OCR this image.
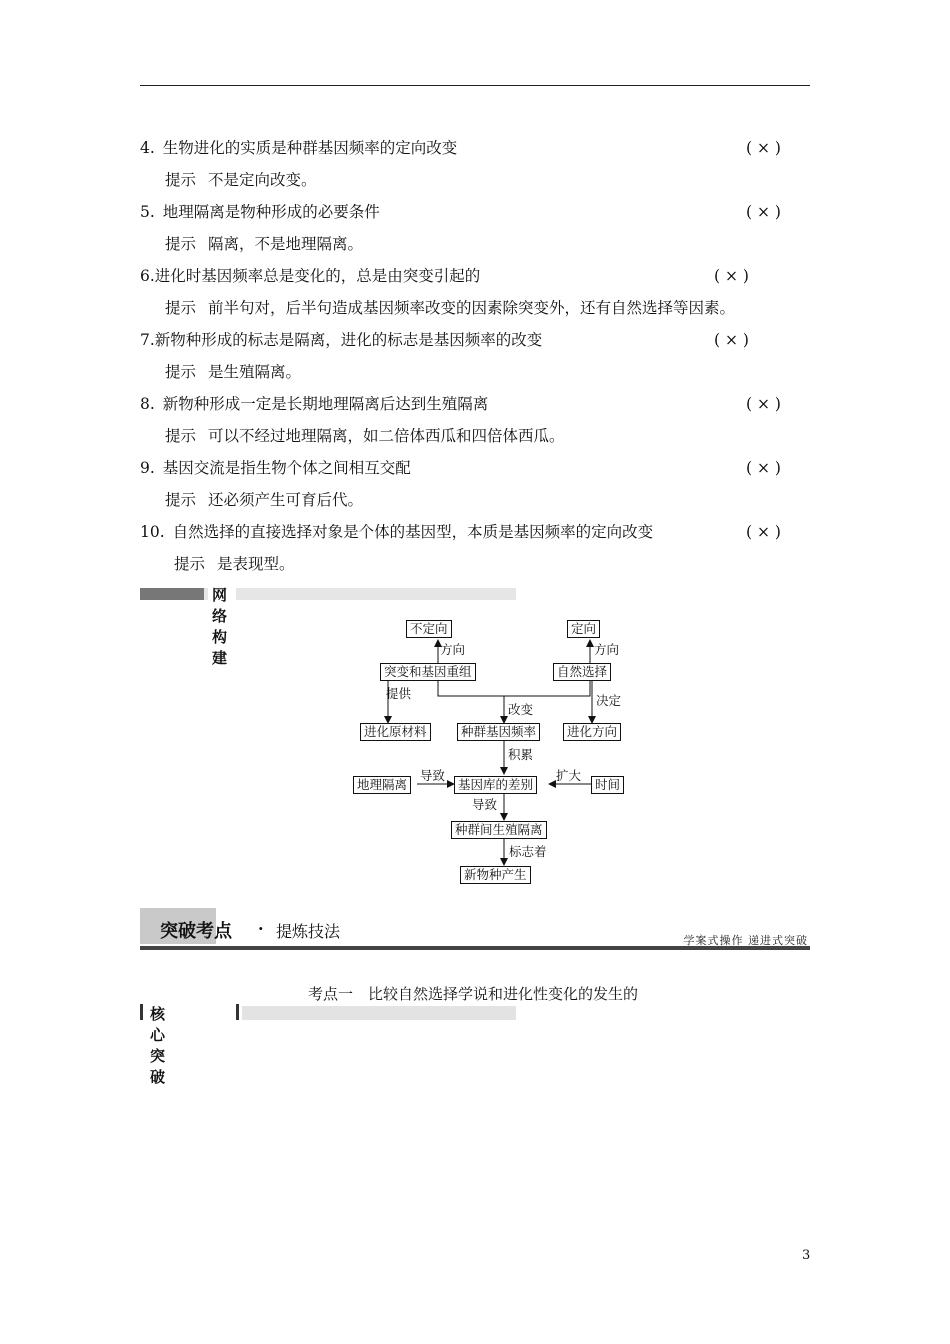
4. 生物进化的实质是种群基因频率的定向改变	( × )
提示 不是定向改变。
5. 地理隔离是物种形成的必要条件	( × )
提示 隔离，不是地理隔离。
6.进化时基因频率总是变化的，总是由突变引起的	( × )
提示 前半句对，后半句造成基因频率改变的因素除突变外，还有自然选择等因素。
7.新物种形成的标志是隔离，进化的标志是基因频率的改变	( × )
提示 是生殖隔离。
8. 新物种形成一定是长期地理隔离后达到生殖隔离	( × )
提示 可以不经过地理隔离，如二倍体西瓜和四倍体西瓜。
9. 基因交流是指生物个体之间相互交配	( × )
提示 还必须产生可育后代。
10. 自然选择的直接选择对象是个体的基因型，本质是基因频率的定向改变	( × )
提示 是表现型。
网络构建
不定向	定向
方向	方向
突变和基因重组	自然选择
提供
改变
决定
进化原材料	种群基因频率	进化方向
积累
地理隔离
导致
基因库的差别
扩大
时间
导致
种群间生殖隔离
标志着
新物种产生
突破考点 · 提炼技法	学案式操作 递进式突破
考点一　比较自然选择学说和进化性变化的发生的
核心突破
3
